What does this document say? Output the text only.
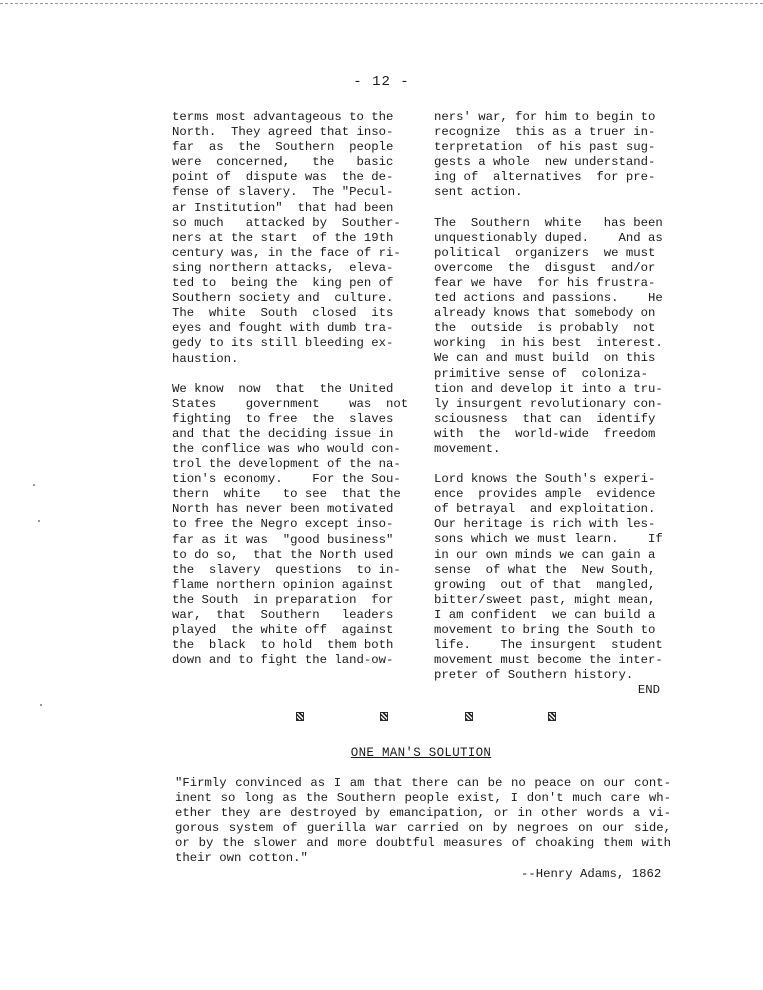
- 12 -
terms most advantageous to the
North.  They agreed that inso-
far  as  the  Southern  people
were  concerned,   the   basic
point of  dispute was  the de-
fense of slavery.  The "Pecul-
ar Institution"  that had been
so much   attacked by  Souther-
ners at the start  of the 19th
century was, in the face of ri-
sing northern attacks,  eleva-
ted to  being the  king pen of
Southern society and  culture.
The  white  South  closed  its
eyes and fought with dumb tra-
gedy to its still bleeding ex-
haustion.
We know  now  that  the United
States    government    was  not
fighting  to free  the  slaves
and that the deciding issue in
the conflice was who would con-
trol the development of the na-
tion's economy.    For the Sou-
thern  white   to see  that the
North has never been motivated
to free the Negro except inso-
far as it was  "good business"
to do so,  that the North used
the  slavery  questions  to in-
flame northern opinion against
the South  in preparation  for
war,  that  Southern   leaders
played  the white off  against
the  black  to hold  them both
down and to fight the land-ow-
ners' war, for him to begin to
recognize  this as a truer in-
terpretation  of his past sug-
gests a whole  new understand-
ing of  alternatives  for pre-
sent action.
The  Southern  white   has been
unquestionably duped.    And as
political  organizers  we must
overcome  the  disgust  and/or
fear we have  for his frustra-
ted actions and passions.    He
already knows that somebody on
the  outside  is probably  not
working  in his best  interest.
We can and must build  on this
primitive sense of  coloniza-
tion and develop it into a tru-
ly insurgent revolutionary con-
sciousness  that can  identify
with  the  world-wide  freedom
movement.
Lord knows the South's experi-
ence  provides ample  evidence
of betrayal  and exploitation.
Our heritage is rich with les-
sons which we must learn.    If
in our own minds we can gain a
sense  of what the  New South,
growing  out of that  mangled,
bitter/sweet past, might mean,
I am confident  we can build a
movement to bring the South to
life.    The insurgent  student
movement must become the inter-
preter of Southern history.
END
ONE MAN'S SOLUTION
"Firmly convinced as I am that there can be no peace on our cont-
inent so long as the Southern people exist, I don't much care wh-
ether they are destroyed by emancipation, or in other words a vi-
gorous system of guerilla war carried on by negroes on our side,
or by the slower and more doubtful measures of choaking them with
their own cotton."
--Henry Adams, 1862
